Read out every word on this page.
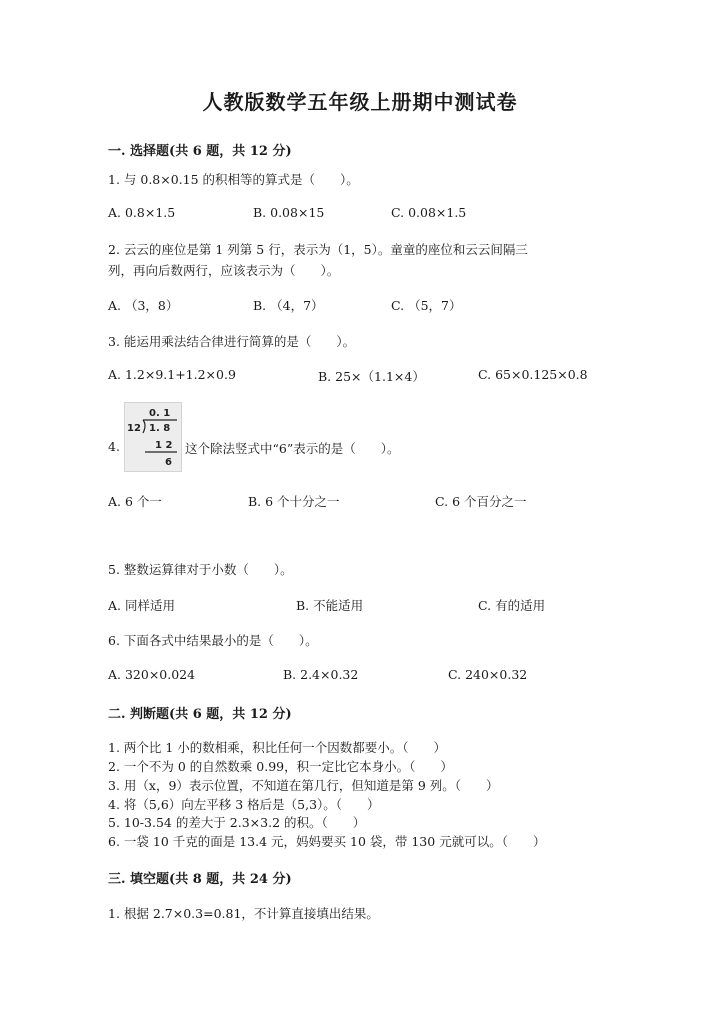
人教版数学五年级上册期中测试卷
一. 选择题(共 6 题，共 12 分)
1. 与 0.8×0.15 的积相等的算式是（　　）。
A. 0.8×1.5	B. 0.08×15	C. 0.08×1.5
2. 云云的座位是第 1 列第 5 行，表示为（1，5）。童童的座位和云云间隔三
列，再向后数两行，应该表示为（　　）。
A. （3，8）	B. （4，7）	C. （5，7）
3. 能运用乘法结合律进行简算的是（　　）。
A. 1.2×9.1+1.2×0.9	B. 25×（1.1×4）	C. 65×0.125×0.8
4.
0. 1
12 1. 8
1 2
6
这个除法竖式中“6”表示的是（　　）。
A. 6 个一	B. 6 个十分之一	C. 6 个百分之一
5. 整数运算律对于小数（　　）。
A. 同样适用	B. 不能适用	C. 有的适用
6. 下面各式中结果最小的是（　　）。
A. 320×0.024	B. 2.4×0.32	C. 240×0.32
二. 判断题(共 6 题，共 12 分)
1. 两个比 1 小的数相乘，积比任何一个因数都要小。（　　）
2. 一个不为 0 的自然数乘 0.99，积一定比它本身小。（　　）
3. 用（x，9）表示位置，不知道在第几行，但知道是第 9 列。（　　）
4. 将（5,6）向左平移 3 格后是（5,3）。（　　）
5. 10-3.54 的差大于 2.3×3.2 的积。（　　）
6. 一袋 10 千克的面是 13.4 元，妈妈要买 10 袋，带 130 元就可以。（　　）
三. 填空题(共 8 题，共 24 分)
1. 根据 2.7×0.3=0.81，不计算直接填出结果。
